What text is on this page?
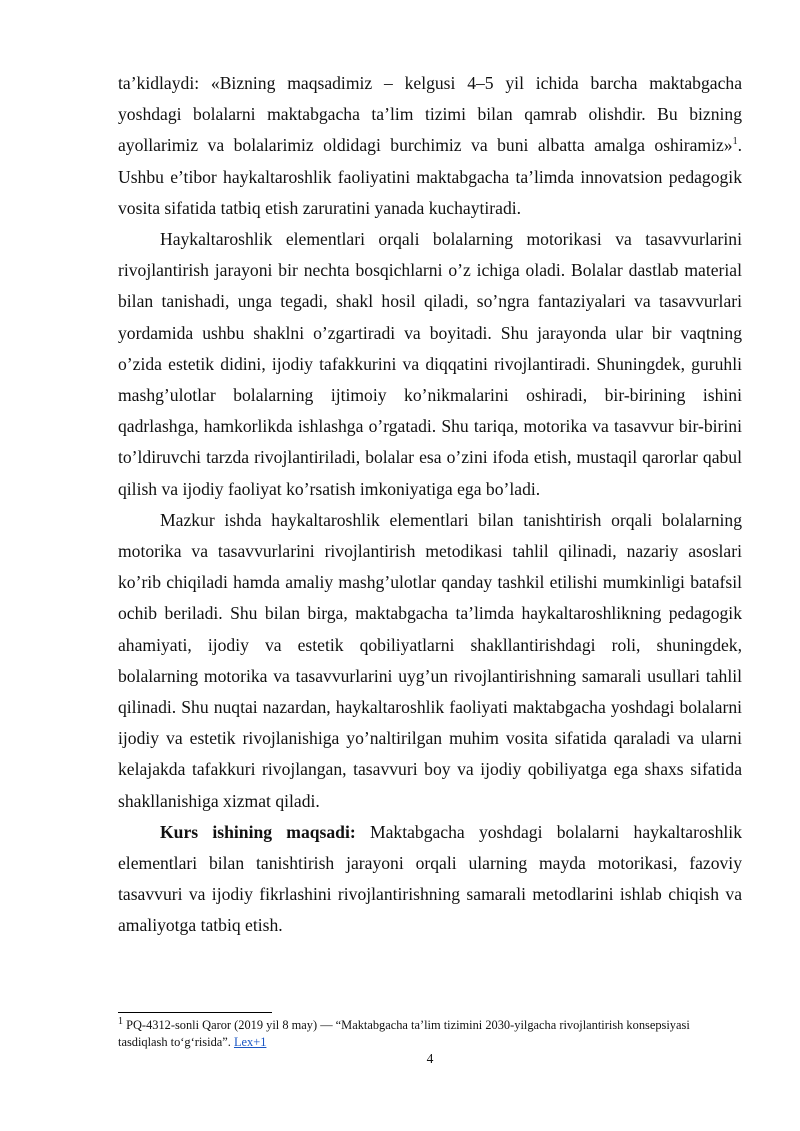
ta’kidlaydi: «Bizning maqsadimiz – kelgusi 4–5 yil ichida barcha maktabgacha yoshdagi bolalarni maktabgacha ta’lim tizimi bilan qamrab olishdir. Bu bizning ayollarimiz va bolalarimiz oldidagi burchimiz va buni albatta amalga oshiramiz»$^1$. Ushbu e’tibor haykaltaroshlik faoliyatini maktabgacha ta’limda innovatsion pedagogik vosita sifatida tatbiq etish zaruratini yanada kuchaytiradi.

Haykaltaroshlik elementlari orqali bolalarning motorikasi va tasavvurlarini rivojlantirish jarayoni bir nechta bosqichlarni o’z ichiga oladi. Bolalar dastlab material bilan tanishadi, unga tegadi, shakl hosil qiladi, so’ngra fantaziyalari va tasavvurlari yordamida ushbu shaklni o’zgartiradi va boyitadi. Shu jarayonda ular bir vaqtning o’zida estetik didini, ijodiy tafakkurini va diqqatini rivojlantiradi. Shuningdek, guruhli mashg’ulotlar bolalarning ijtimoiy ko’nikmalarini oshiradi, bir-birining ishini qadrlashga, hamkorlikda ishlashga o’rgatadi. Shu tariqa, motorika va tasavvur bir-birini to’ldiruvchi tarzda rivojlantiriladi, bolalar esa o’zini ifoda etish, mustaqil qarorlar qabul qilish va ijodiy faoliyat ko’rsatish imkoniyatiga ega bo’ladi.

Mazkur ishda haykaltaroshlik elementlari bilan tanishtirish orqali bolalarning motorika va tasavvurlarini rivojlantirish metodikasi tahlil qilinadi, nazariy asoslari ko’rib chiqiladi hamda amaliy mashg’ulotlar qanday tashkil etilishi mumkinligi batafsil ochib beriladi. Shu bilan birga, maktabgacha ta’limda haykaltaroshlikning pedagogik ahamiyati, ijodiy va estetik qobiliyatlarni shakllantirishdagi roli, shuningdek, bolalarning motorika va tasavvurlarini uyg’un rivojlantirishning samarali usullari tahlil qilinadi. Shu nuqtai nazardan, haykaltaroshlik faoliyati maktabgacha yoshdagi bolalarni ijodiy va estetik rivojlanishiga yo’naltirilgan muhim vosita sifatida qaraladi va ularni kelajakda tafakkuri rivojlangan, tasavvuri boy va ijodiy qobiliyatga ega shaxs sifatida shakllanishiga xizmat qiladi.

Kurs ishining maqsadi: Maktabgacha yoshdagi bolalarni haykaltaroshlik elementlari bilan tanishtirish jarayoni orqali ularning mayda motorikasi, fazoviy tasavvuri va ijodiy fikrlashini rivojlantirishning samarali metodlarini ishlab chiqish va amaliyotga tatbiq etish.

$^1$ PQ-4312-sonli Qaror (2019 yil 8 may) — “Maktabgacha ta’lim tizimini 2030-yilgacha rivojlantirish konsepsiyasi tasdiqlash to‘g‘risida”. Lex+1
4
